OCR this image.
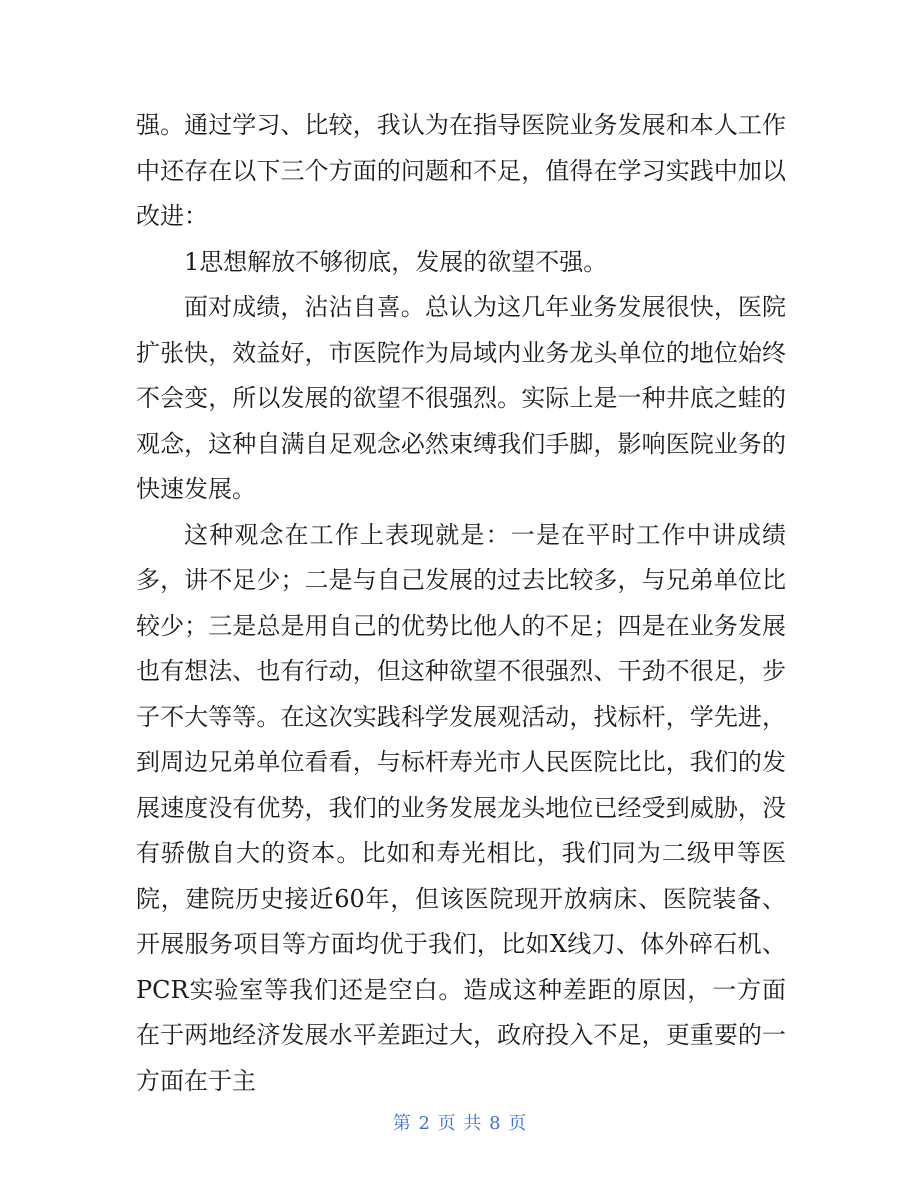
强。通过学习、比较，我认为在指导医院业务发展和本人工作中还存在以下三个方面的问题和不足，值得在学习实践中加以改进：

1思想解放不够彻底，发展的欲望不强。

面对成绩，沾沾自喜。总认为这几年业务发展很快，医院扩张快，效益好，市医院作为局域内业务龙头单位的地位始终不会变，所以发展的欲望不很强烈。实际上是一种井底之蛙的观念，这种自满自足观念必然束缚我们手脚，影响医院业务的快速发展。

这种观念在工作上表现就是：一是在平时工作中讲成绩多，讲不足少；二是与自己发展的过去比较多，与兄弟单位比较少；三是总是用自己的优势比他人的不足；四是在业务发展也有想法、也有行动，但这种欲望不很强烈、干劲不很足，步子不大等等。在这次实践科学发展观活动，找标杆，学先进，到周边兄弟单位看看，与标杆寿光市人民医院比比，我们的发展速度没有优势，我们的业务发展龙头地位已经受到威胁，没有骄傲自大的资本。比如和寿光相比，我们同为二级甲等医院，建院历史接近60年，但该医院现开放病床、医院装备、开展服务项目等方面均优于我们，比如X线刀、体外碎石机、PCR实验室等我们还是空白。造成这种差距的原因，一方面在于两地经济发展水平差距过大，政府投入不足，更重要的一方面在于主

第 2 页 共 8 页
